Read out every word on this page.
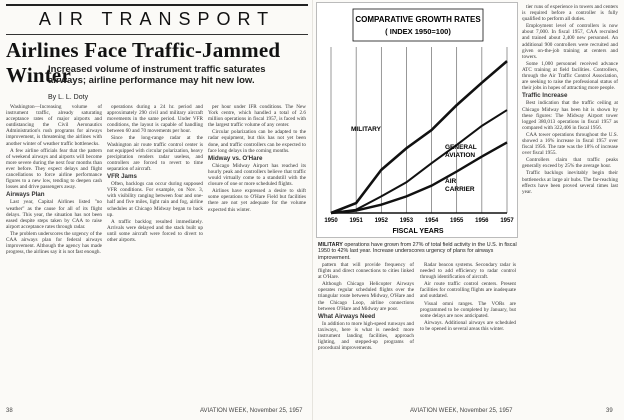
AIR TRANSPORT
Airlines Face Traffic-Jammed Winter
Increased volume of instrument traffic saturates airways; airline performance may hit new low.
By L. L. Doty

Washington—Increasing volume of instrument traffic, already saturating acceptance rates of major airports and outdistancing the Civil Aeronautics Administration's rush programs for airways improvement, is threatening the airlines with another winter of weather traffic bottlenecks.

A few airline officials fear that the pattern of weekend airways and airports will become more severe during the next four months than ever before. They expect delays and flight cancellations to force airline performance figures to a new low, tending to deepen cash losses and drive passengers away.

Airways Plan

Last year, Capital Airlines listed "no weather" as the cause for all of its flight delays. This year, the situation has not been eased despite steps taken by CAA to raise airport acceptance rates through radar.

The problem underscores the urgency of the CAA airways plan for federal airways improvement. Although the agency has made progress, the airlines say it is not fast enough.

operations during a 24 hr. period and approximately 290 civil and military aircraft movements in the same period. Under VFR conditions, the layout is capable of handling between 60 and 70 movements per hour.

Since the long-range radar at the Washington air route traffic control center is not equipped with circular polarization, heavy precipitation renders radar useless, and controllers are forced to revert to time separation of aircraft.

VFR Jams

Often, backlogs can occur during supposed VFR conditions. For example, on Nov. 3, with visibility ranging between four and one-half and five miles, light rain and fog, airline schedules at Chicago Midway began to back up.

A traffic backlog resulted immediately. Arrivals were delayed and the stack built up until some aircraft were forced to divert to other airports.

per hour under IFR conditions. The New York centre, which handled a total of 2.6 million operations in fiscal 1957, is faced with the largest traffic volume of any center.

Circular polarization can be adapted to the radar equipment, but this has not yet been done, and traffic controllers can be expected to face long delays in the coming months.

Midway vs. O'Hare

Chicago Midway Airport has reached its hourly peak and controllers believe that traffic would virtually come to a standstill with the closure of one or more scheduled flights.

Airlines have expressed a desire to shift some operations to O'Hare Field but facilities there are not yet adequate for the volume expected this winter.

38	AVIATION WEEK, November 25, 1957
COMPARATIVE GROWTH RATES
( INDEX 1950=100)
MILITARY
GENERAL
AVIATION
AIR
CARRIER
1950 1951 1952 1953 1954 1955 1956 1957
FISCAL YEARS
MILITARY operations have grown from 27% of total field activity in the U.S. in fiscal 1950 to 42% last year. Increase underscores urgency of plans for airways improvement.

pattern that will provide frequency of flights and direct connections to cities linked at O'Hare.

Although Chicago Helicopter Airways operates regular scheduled flights over the triangular route between Midway, O'Hare and the Chicago Loop, airline connections between O'Hare and Midway are poor.

What Airways Need

In addition to more high-speed runways and taxiways, here is what is needed: more instrument landing facilities, approach lighting, and stepped-up programs of procedural improvements.

Radar beacon systems. Secondary radar is needed to add efficiency to radar control through identification of aircraft.

Air route traffic control centers. Present facilities for controlling flights are inadequate and outdated.

Visual omni ranges. The VORs are programmed to be completed by January, but some delays are now anticipated.

Airways. Additional airways are scheduled to be opened in several areas this winter.

tier runs of experience in towers and centers is required before a controller is fully qualified to perform all duties.

Employment level of controllers is now about 7,000. In fiscal 1957, CAA recruited and trained about 2,400 new personnel. An additional 900 controllers were recruited and given on-the-job training at centers and towers.

Some 1,000 personnel received advance ATC training at field facilities. Controllers, through the Air Traffic Control Association, are seeking to raise the professional status of their jobs in hopes of attracting more people.

Traffic Increase

Best indication that the traffic ceiling at Chicago Midway has been hit is shown by these figures: The Midway Airport tower logged 380,013 operations in fiscal 1957 as compared with 322,406 in fiscal 1956.

CAA tower operations throughout the U.S. showed a 16% increase in fiscal 1957 over fiscal 1956. The rate was the 18% of increase over fiscal 1955.

Controllers claim that traffic peaks generally exceed by 25% the average hour.

Traffic backlogs inevitably begin their bottlenecks at large air hubs. The far-reaching effects have been proved several times last year.

AVIATION WEEK, November 25, 1957	39
